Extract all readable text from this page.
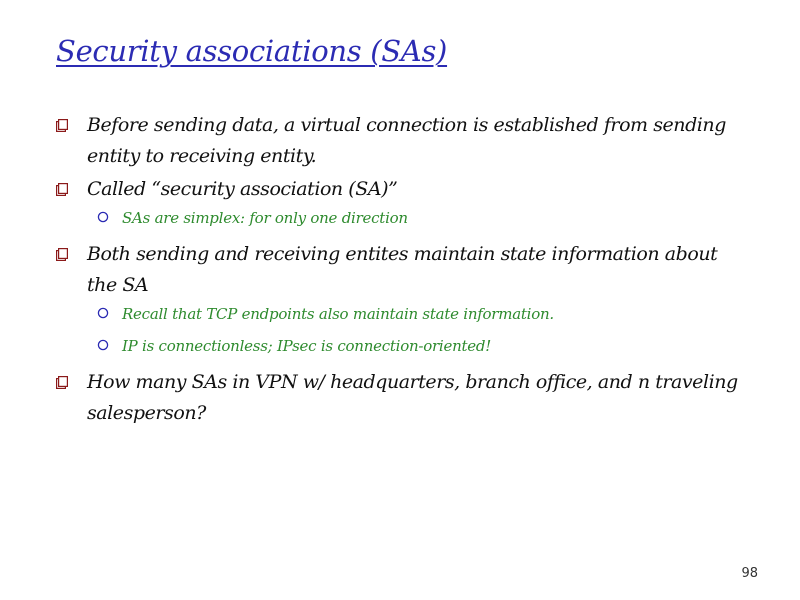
Security associations (SAs)
Before sending data, a virtual connection is established from sending entity to receiving entity.
Called “security association (SA)”
SAs are simplex: for only one direction
Both sending and receiving entites maintain state information about the SA
Recall that TCP endpoints also maintain state information.
IP is connectionless; IPsec is connection-oriented!
How many SAs in VPN w/ headquarters, branch office, and n traveling salesperson?
98
